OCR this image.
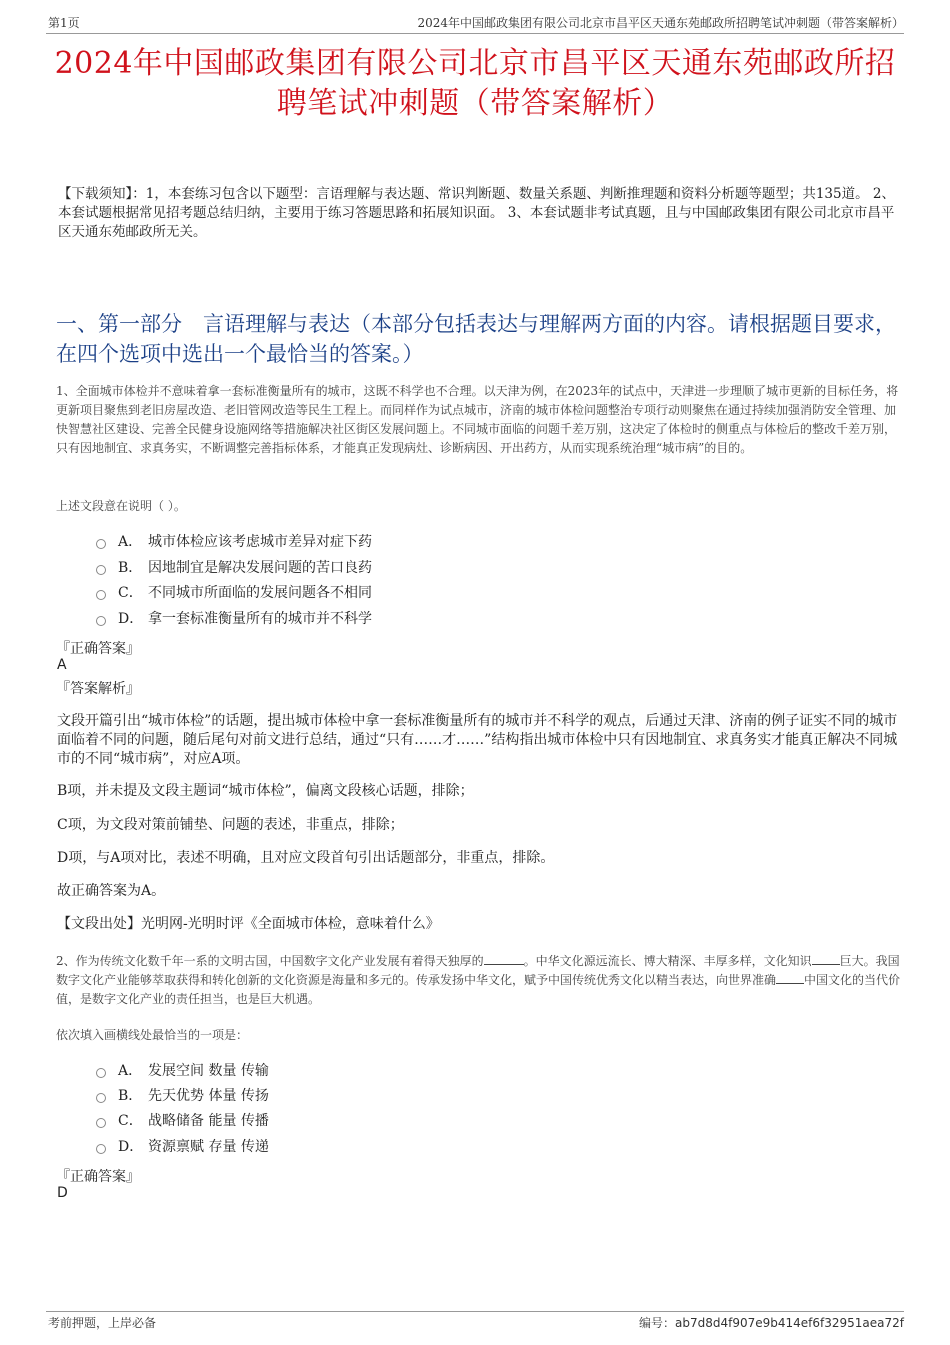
第1页	2024年中国邮政集团有限公司北京市昌平区天通东苑邮政所招聘笔试冲刺题（带答案解析）
2024年中国邮政集团有限公司北京市昌平区天通东苑邮政所招
聘笔试冲刺题（带答案解析）
【下载须知】：1，本套练习包含以下题型：言语理解与表达题、常识判断题、数量关系题、判断推理题和资料分析题等题型；共135道。 2、本套试题根据常见招考题总结归纳，主要用于练习答题思路和拓展知识面。 3、本套试题非考试真题，且与中国邮政集团有限公司北京市昌平区天通东苑邮政所无关。
一、第一部分　言语理解与表达（本部分包括表达与理解两方面的内容。请根据题目要求，在四个选项中选出一个最恰当的答案。）
1、全面城市体检并不意味着拿一套标准衡量所有的城市，这既不科学也不合理。以天津为例，在2023年的试点中，天津进一步理顺了城市更新的目标任务，将更新项目聚焦到老旧房屋改造、老旧管网改造等民生工程上。而同样作为试点城市，济南的城市体检问题整治专项行动则聚焦在通过持续加强消防安全管理、加快智慧社区建设、完善全民健身设施网络等措施解决社区街区发展问题上。不同城市面临的问题千差万别，这决定了体检时的侧重点与体检后的整改千差万别，只有因地制宜、求真务实，不断调整完善指标体系，才能真正发现病灶、诊断病因、开出药方，从而实现系统治理“城市病”的目的。
上述文段意在说明（ ）。
A． 城市体检应该考虑城市差异对症下药
B． 因地制宜是解决发展问题的苦口良药
C． 不同城市所面临的发展问题各不相同
D． 拿一套标准衡量所有的城市并不科学
『正确答案』
A
『答案解析』
文段开篇引出“城市体检”的话题，提出城市体检中拿一套标准衡量所有的城市并不科学的观点，后通过天津、济南的例子证实不同的城市面临着不同的问题，随后尾句对前文进行总结，通过“只有……才……”结构指出城市体检中只有因地制宜、求真务实才能真正解决不同城市的不同“城市病”，对应A项。
B项，并未提及文段主题词“城市体检”，偏离文段核心话题，排除；
C项，为文段对策前铺垫、问题的表述，非重点，排除；
D项，与A项对比，表述不明确，且对应文段首句引出话题部分，非重点，排除。
故正确答案为A。
【文段出处】光明网-光明时评《全面城市体检，意味着什么》
2、作为传统文化数千年一系的文明古国，中国数字文化产业发展有着得天独厚的	。中华文化源远流长、博大精深、丰厚多样，文化知识 巨大。我国数字文化产业能够萃取获得和转化创新的文化资源是海量和多元的。传承发扬中华文化，赋予中国传统优秀文化以精当表达，向世界准确 中国文化的当代价值，是数字文化产业的责任担当，也是巨大机遇。
依次填入画横线处最恰当的一项是：
A． 发展空间 数量 传输
B． 先天优势 体量 传扬
C． 战略储备 能量 传播
D． 资源禀赋 存量 传递
『正确答案』
D
考前押题，上岸必备	编号：ab7d8d4f907e9b414ef6f32951aea72f
